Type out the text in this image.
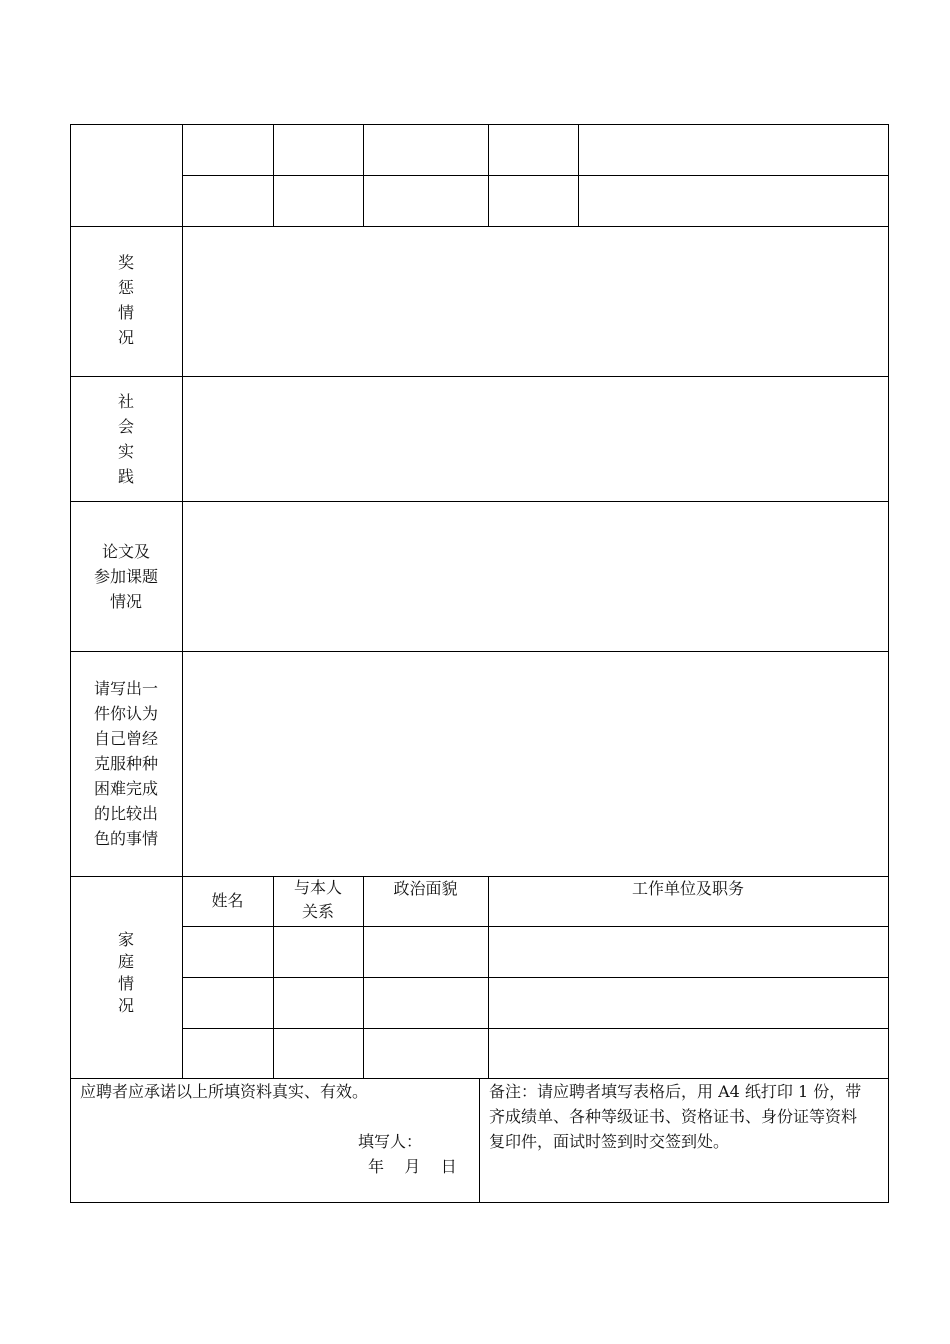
奖
惩
情
况
社
会
实
践
论文及
参加课题
情况
请写出一
件你认为
自己曾经
克服种种
困难完成
的比较出
色的事情
家
庭
情
况
姓名
与本人
关系
政治面貌	工作单位及职务
应聘者应承诺以上所填资料真实、有效。
填写人：
年    月    日
备注：请应聘者填写表格后，用 A4 纸打印 1 份，带齐成绩单、各种等级证书、资格证书、身份证等资料复印件，面试时签到时交签到处。
